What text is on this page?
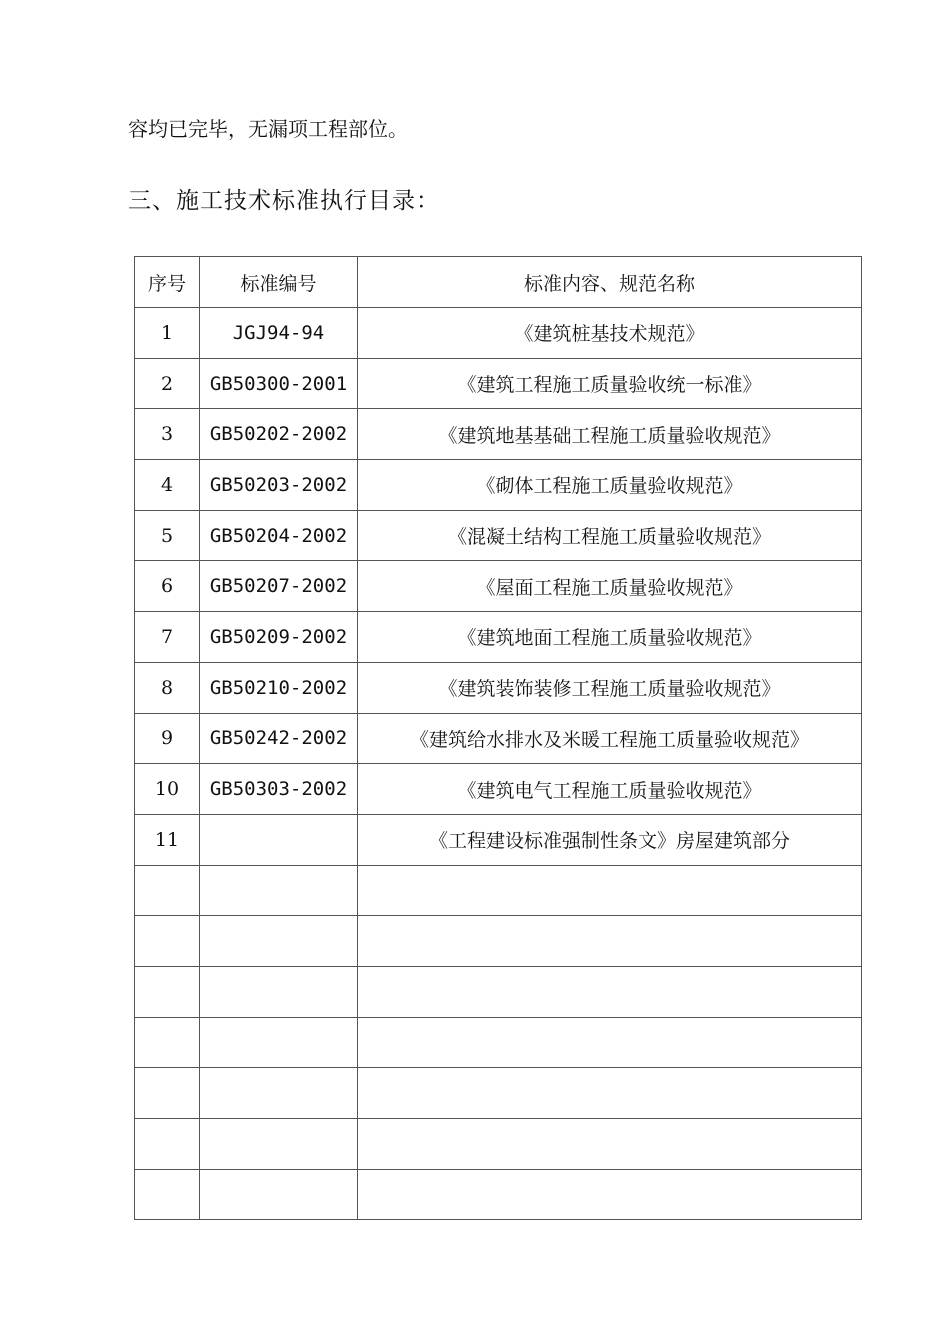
容均已完毕，无漏项工程部位。
三、施工技术标准执行目录：
序号	标准编号	标准内容、规范名称
1	JGJ94-94	《建筑桩基技术规范》
2	GB50300-2001	《建筑工程施工质量验收统一标准》
3	GB50202-2002	《建筑地基基础工程施工质量验收规范》
4	GB50203-2002	《砌体工程施工质量验收规范》
5	GB50204-2002	《混凝土结构工程施工质量验收规范》
6	GB50207-2002	《屋面工程施工质量验收规范》
7	GB50209-2002	《建筑地面工程施工质量验收规范》
8	GB50210-2002	《建筑装饰装修工程施工质量验收规范》
9	GB50242-2002	《建筑给水排水及米暖工程施工质量验收规范》
10	GB50303-2002	《建筑电气工程施工质量验收规范》
11		《工程建设标准强制性条文》房屋建筑部分
